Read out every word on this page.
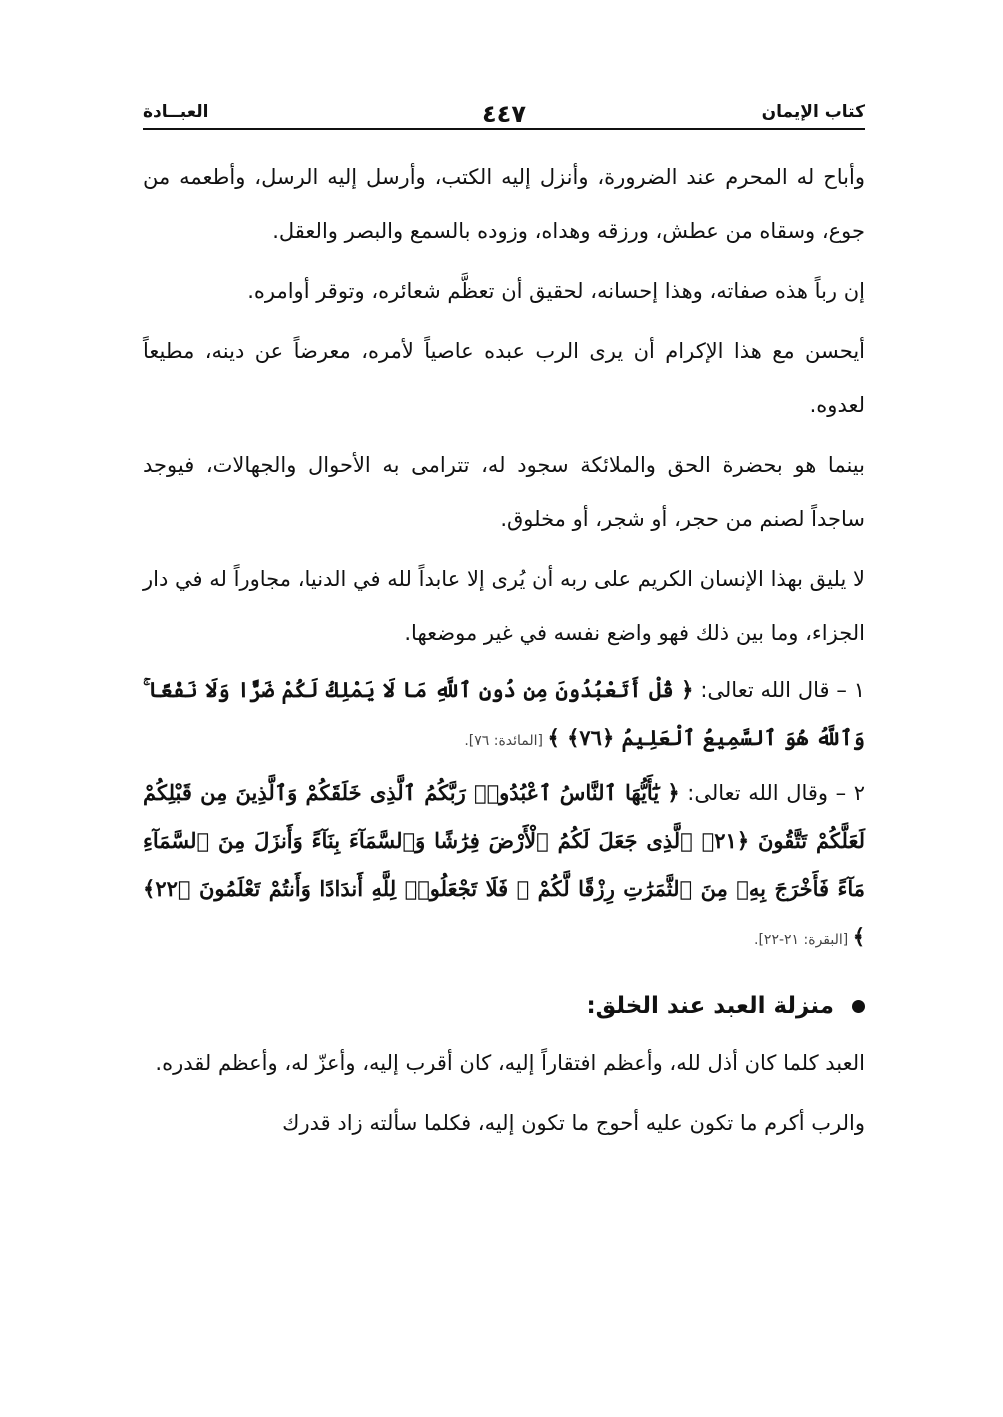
كتاب الإيمان
٤٤٧
العبــادة

وأباح له المحرم عند الضرورة، وأنزل إليه الكتب، وأرسل إليه الرسل، وأطعمه من جوع، وسقاه من عطش، ورزقه وهداه، وزوده بالسمع والبصر والعقل.

إن رباً هذه صفاته، وهذا إحسانه، لحقيق أن تعظَّم شعائره، وتوقر أوامره.

أيحسن مع هذا الإكرام أن يرى الرب عبده عاصياً لأمره، معرضاً عن دينه، مطيعاً لعدوه.

بينما هو بحضرة الحق والملائكة سجود له، تترامى به الأحوال والجهالات، فيوجد ساجداً لصنم من حجر، أو شجر، أو مخلوق.

لا يليق بهذا الإنسان الكريم على ربه أن يُرى إلا عابداً لله في الدنيا، مجاوراً له في دار الجزاء، وما بين ذلك فهو واضع نفسه في غير موضعها.

١ – قال الله تعالى: ﴿ قُلْ أَتَعْبُدُونَ مِن دُونِ ٱللَّهِ مَا لَا يَمْلِكُ لَكُمْ ضَرًّا وَلَا نَفْعًا ۚ وَٱللَّهُ هُوَ ٱلسَّمِيعُ ٱلْعَلِيمُ ﴿٧٦﴾ ﴾ [المائدة: ٧٦].

٢ – وقال الله تعالى: ﴿ يَٰٓأَيُّهَا ٱلنَّاسُ ٱعْبُدُوا۟ رَبَّكُمُ ٱلَّذِى خَلَقَكُمْ وَٱلَّذِينَ مِن قَبْلِكُمْ لَعَلَّكُمْ تَتَّقُونَ ﴿٢١﴾ ٱلَّذِى جَعَلَ لَكُمُ ٱلْأَرْضَ فِرَٰشًا وَٱلسَّمَآءَ بِنَآءً وَأَنزَلَ مِنَ ٱلسَّمَآءِ مَآءً فَأَخْرَجَ بِهِۦ مِنَ ٱلثَّمَرَٰتِ رِزْقًا لَّكُمْ ۖ فَلَا تَجْعَلُوا۟ لِلَّهِ أَندَادًا وَأَنتُمْ تَعْلَمُونَ ﴿٢٢﴾ ﴾ [البقرة: ٢١-٢٢].

منزلة العبد عند الخلق:

العبد كلما كان أذل لله، وأعظم افتقاراً إليه، كان أقرب إليه، وأعزّ له، وأعظم لقدره.

والرب أكرم ما تكون عليه أحوج ما تكون إليه، فكلما سألته زاد قدرك
